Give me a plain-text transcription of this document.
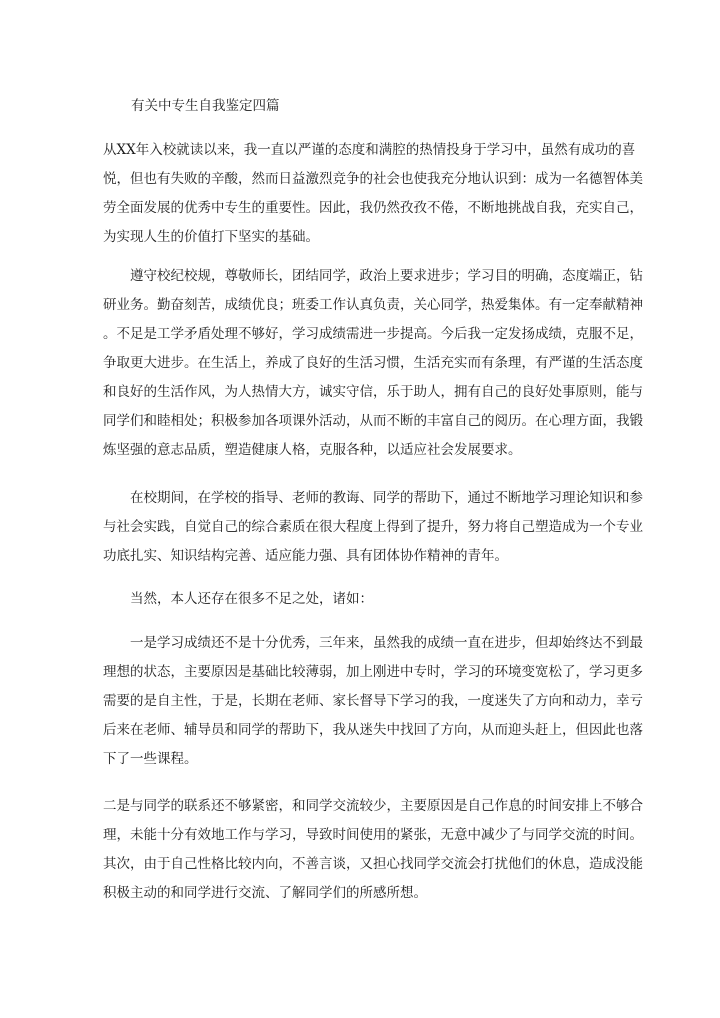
有关中专生自我鉴定四篇

从XX年入校就读以来，我一直以严谨的态度和满腔的热情投身于学习中，虽然有成功的喜
悦，但也有失败的辛酸，然而日益激烈竞争的社会也使我充分地认识到：成为一名德智体美
劳全面发展的优秀中专生的重要性。因此，我仍然孜孜不倦，不断地挑战自我，充实自己，
为实现人生的价值打下坚实的基础。

　　遵守校纪校规，尊敬师长，团结同学，政治上要求进步；学习目的明确，态度端正，钻
研业务。勤奋刻苦，成绩优良；班委工作认真负责，关心同学，热爱集体。有一定奉献精神
。不足是工学矛盾处理不够好，学习成绩需进一步提高。今后我一定发扬成绩，克服不足，
争取更大进步。在生活上，养成了良好的生活习惯，生活充实而有条理，有严谨的生活态度
和良好的生活作风，为人热情大方，诚实守信，乐于助人，拥有自己的良好处事原则，能与
同学们和睦相处；积极参加各项课外活动，从而不断的丰富自己的阅历。在心理方面，我锻
炼坚强的意志品质，塑造健康人格，克服各种，以适应社会发展要求。

　　在校期间，在学校的指导、老师的教诲、同学的帮助下，通过不断地学习理论知识和参
与社会实践，自觉自己的综合素质在很大程度上得到了提升，努力将自己塑造成为一个专业
功底扎实、知识结构完善、适应能力强、具有团体协作精神的青年。

　　当然，本人还存在很多不足之处，诸如：

　　一是学习成绩还不是十分优秀，三年来，虽然我的成绩一直在进步，但却始终达不到最
理想的状态，主要原因是基础比较薄弱，加上刚进中专时，学习的环境变宽松了，学习更多
需要的是自主性，于是，长期在老师、家长督导下学习的我，一度迷失了方向和动力，幸亏
后来在老师、辅导员和同学的帮助下，我从迷失中找回了方向，从而迎头赶上，但因此也落
下了一些课程。

二是与同学的联系还不够紧密，和同学交流较少，主要原因是自己作息的时间安排上不够合
理，未能十分有效地工作与学习，导致时间使用的紧张，无意中减少了与同学交流的时间。
其次，由于自己性格比较内向，不善言谈，又担心找同学交流会打扰他们的休息，造成没能
积极主动的和同学进行交流、了解同学们的所感所想。
